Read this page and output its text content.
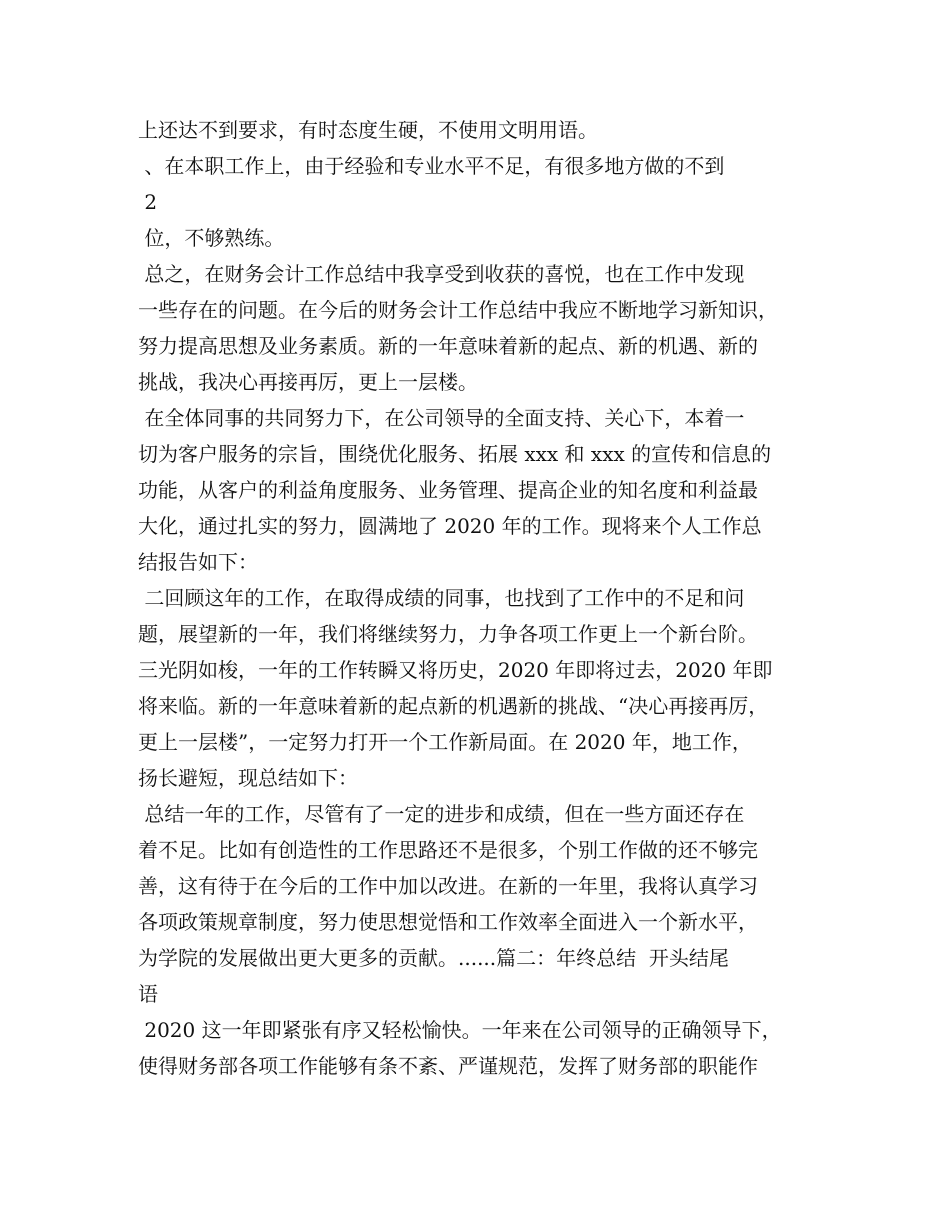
上还达不到要求，有时态度生硬，不使用文明用语。
、在本职工作上，由于经验和专业水平不足，有很多地方做的不到
2
位，不够熟练。
总之，在财务会计工作总结中我享受到收获的喜悦，也在工作中发现
一些存在的问题。在今后的财务会计工作总结中我应不断地学习新知识，
努力提高思想及业务素质。新的一年意味着新的起点、新的机遇、新的
挑战，我决心再接再厉，更上一层楼。
在全体同事的共同努力下，在公司领导的全面支持、关心下，本着一
切为客户服务的宗旨，围绕优化服务、拓展 xxx 和 xxx 的宣传和信息的
功能，从客户的利益角度服务、业务管理、提高企业的知名度和利益最
大化，通过扎实的努力，圆满地了 2020 年的工作。现将来个人工作总
结报告如下：
二回顾这年的工作，在取得成绩的同事，也找到了工作中的不足和问
题，展望新的一年，我们将继续努力，力争各项工作更上一个新台阶。
三光阴如梭，一年的工作转瞬又将历史，2020 年即将过去，2020 年即
将来临。新的一年意味着新的起点新的机遇新的挑战、“决心再接再厉，
更上一层楼”，一定努力打开一个工作新局面。在 2020 年，地工作，
扬长避短，现总结如下：
总结一年的工作，尽管有了一定的进步和成绩，但在一些方面还存在
着不足。比如有创造性的工作思路还不是很多，个别工作做的还不够完
善，这有待于在今后的工作中加以改进。在新的一年里，我将认真学习
各项政策规章制度，努力使思想觉悟和工作效率全面进入一个新水平，
为学院的发展做出更大更多的贡献。......篇二：年终总结  开头结尾
语
2020 这一年即紧张有序又轻松愉快。一年来在公司领导的正确领导下，
使得财务部各项工作能够有条不紊、严谨规范，发挥了财务部的职能作
